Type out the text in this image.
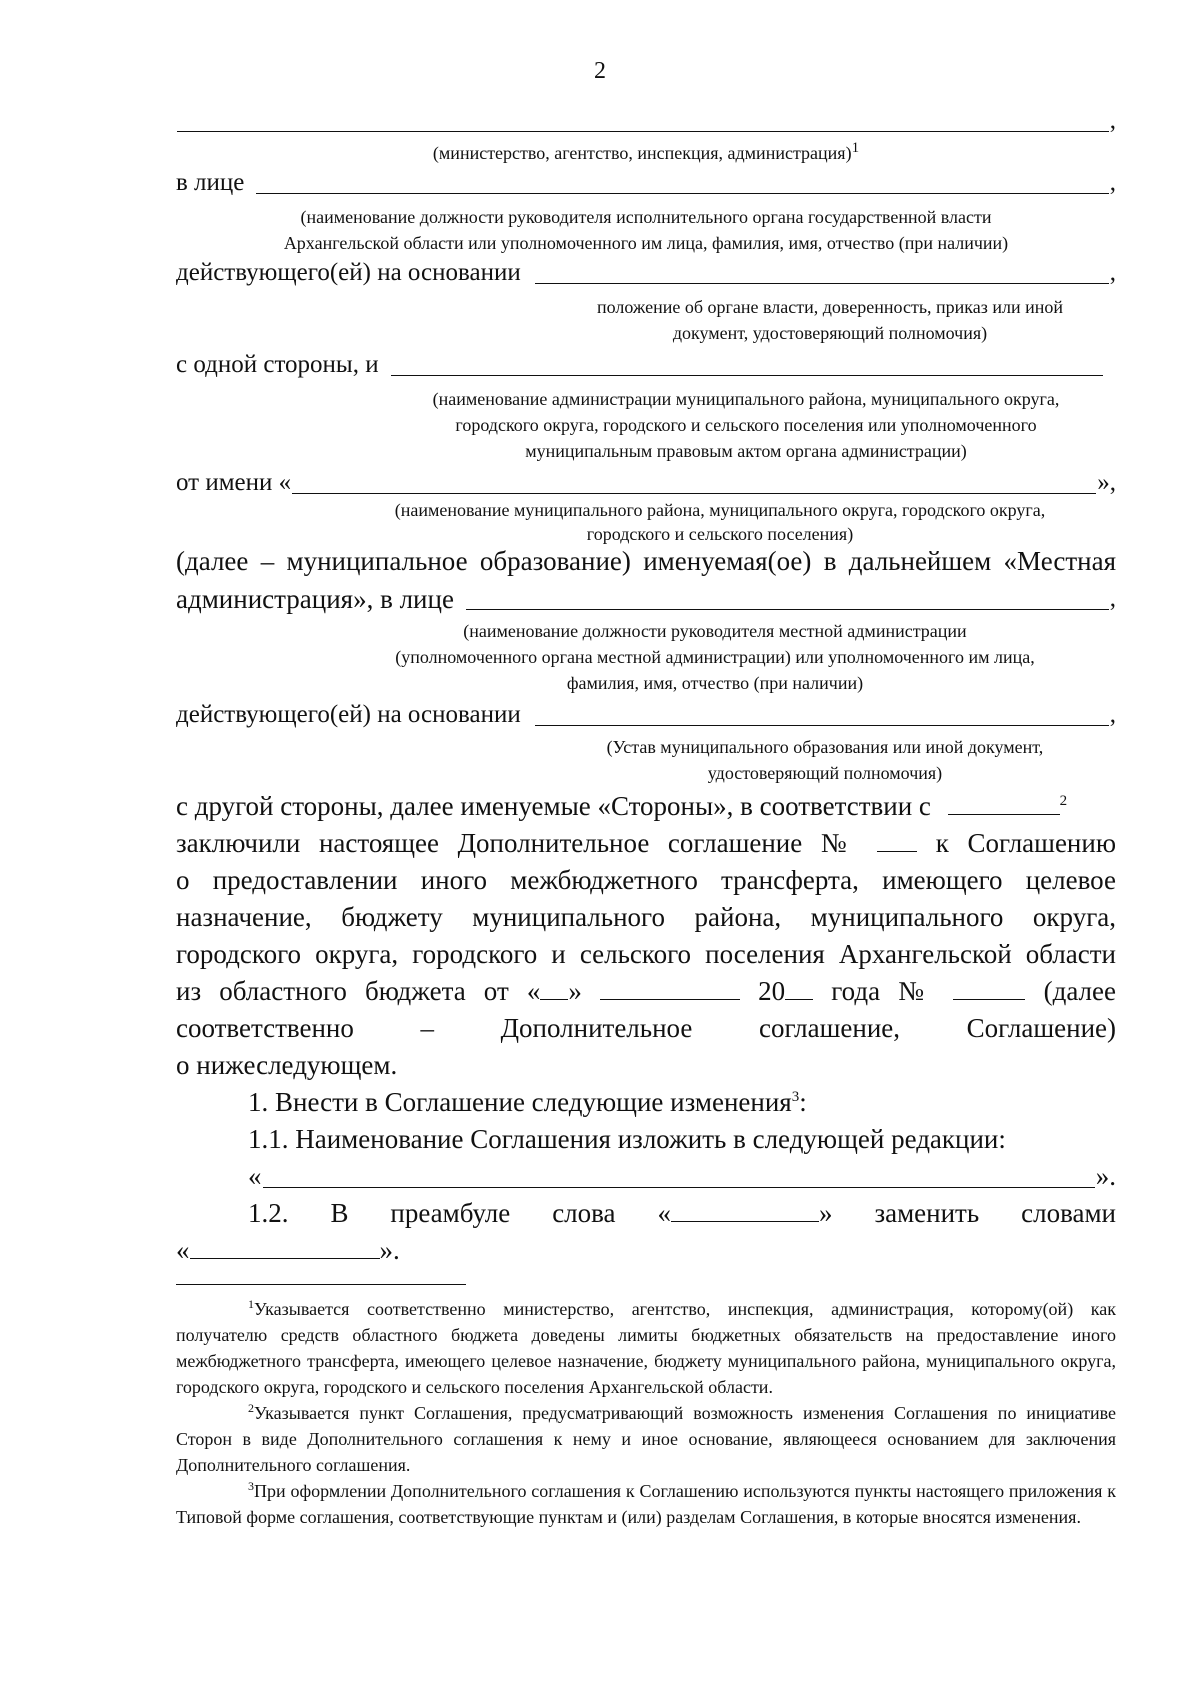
2
,
(министерство, агентство, инспекция, администрация)$^1$
в лице	,
(наименование должности руководителя исполнительного органа государственной власти
Архангельской области или уполномоченного им лица, фамилия, имя, отчество (при наличии)
действующего(ей) на основании	,
положение об органе власти, доверенность, приказ или иной
документ, удостоверяющий полномочия)
с одной стороны, и
(наименование администрации муниципального района, муниципального округа,
городского округа, городского и сельского поселения или уполномоченного
муниципальным правовым актом органа администрации)
от имени «	»,
(наименование муниципального района, муниципального округа, городского округа,
городского и сельского поселения)
(далее – муниципальное образование) именуемая(ое) в дальнейшем «Местная
администрация», в лице	,
(наименование должности руководителя местной администрации
(уполномоченного органа местной администрации) или уполномоченного им лица,
фамилия, имя, отчество (при наличии)
действующего(ей) на основании	,
(Устав муниципального образования или иной документ,
удостоверяющий полномочия)
с другой стороны, далее именуемые «Стороны», в соответствии с	$^2$
заключили настоящее Дополнительное соглашение №	к Соглашению
о предоставлении иного межбюджетного трансферта, имеющего целевое
назначение, бюджету муниципального района, муниципального округа,
городского округа, городского и сельского поселения Архангельской области
из областного бюджета от « »	20 года №	(далее
соответственно – Дополнительное соглашение, Соглашение)
о нижеследующем.
1. Внести в Соглашение следующие изменения$^3$:
1.1. Наименование Соглашения изложить в следующей редакции:
«	».
1.2. В преамбуле слова «	» заменить словами
«	».

$^1$Указывается соответственно министерство, агентство, инспекция, администрация, которому(ой) как получателю средств областного бюджета доведены лимиты бюджетных обязательств на предоставление иного межбюджетного трансферта, имеющего целевое назначение, бюджету муниципального района, муниципального округа, городского округа, городского и сельского поселения Архангельской области.

$^2$Указывается пункт Соглашения, предусматривающий возможность изменения Соглашения по инициативе Сторон в виде Дополнительного соглашения к нему и иное основание, являющееся основанием для заключения Дополнительного соглашения.

$^3$При оформлении Дополнительного соглашения к Соглашению используются пункты настоящего приложения к Типовой форме соглашения, соответствующие пунктам и (или) разделам Соглашения, в которые вносятся изменения.
